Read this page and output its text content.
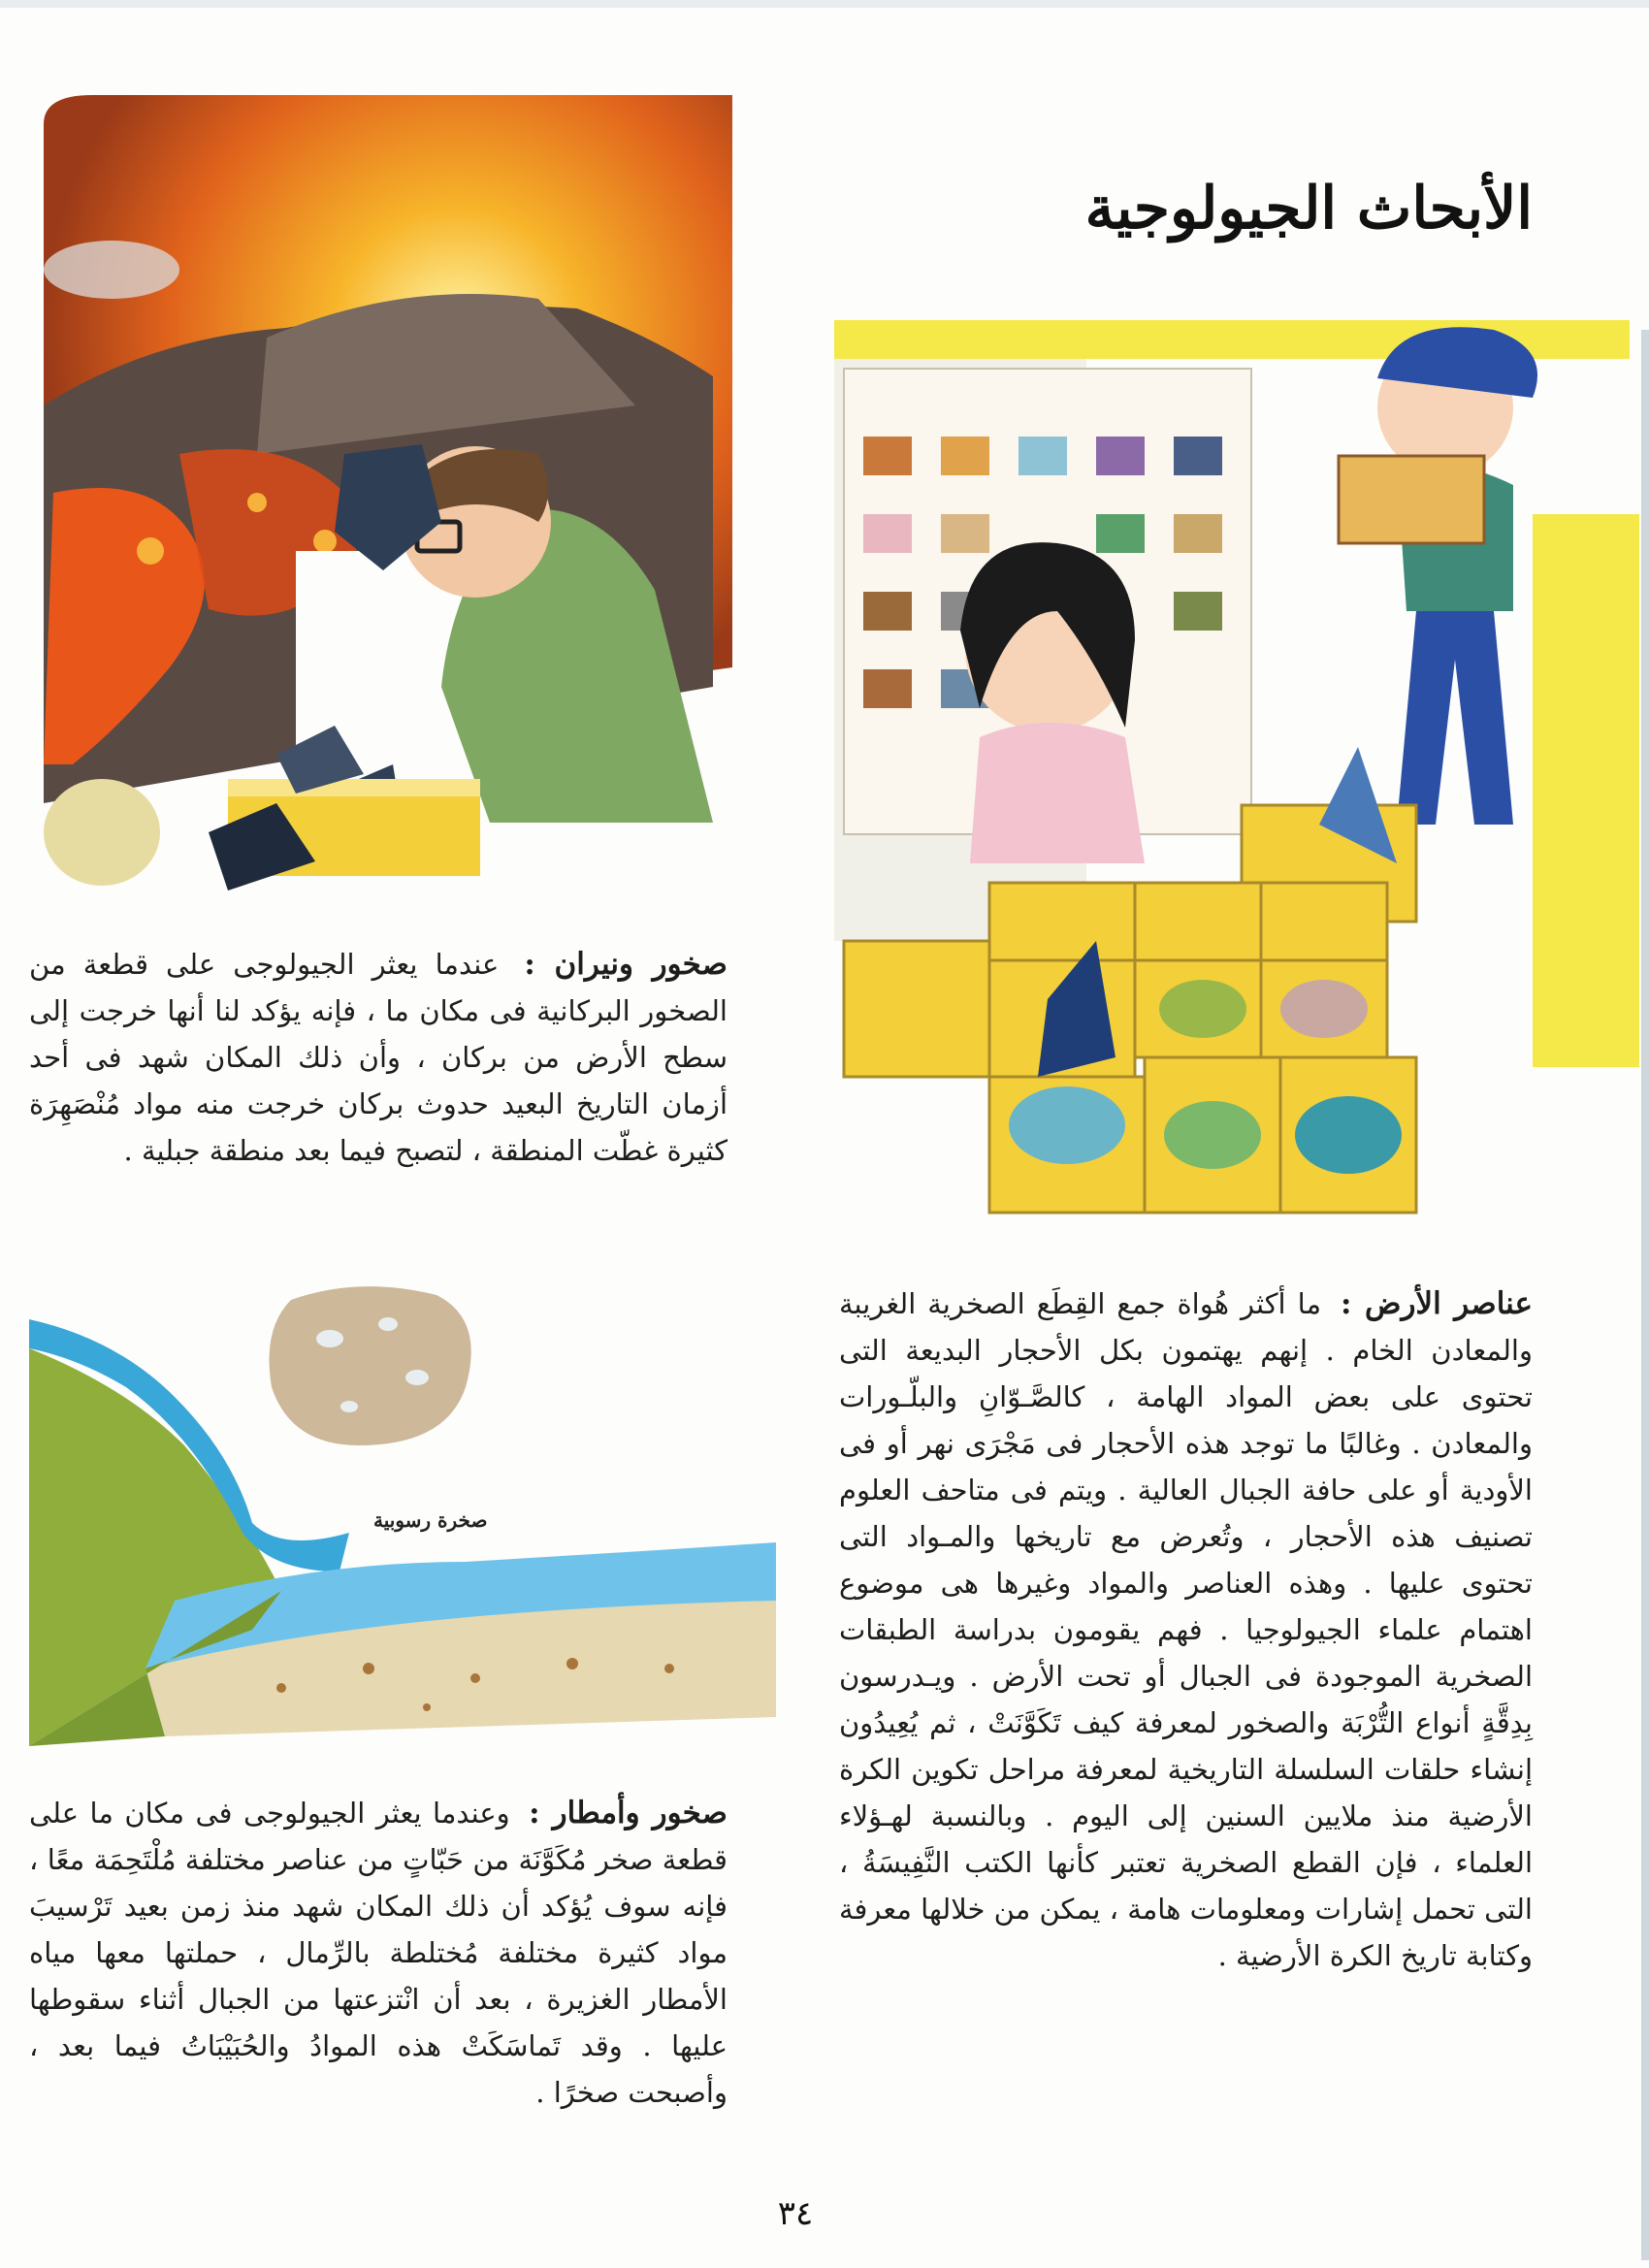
الأبحاث الجيولوجية
صخور ونيران : عندما يعثر الجيولوجى على قطعة من الصخور البركانية فى مكان ما ، فإنه يؤكد لنا أنها خرجت إلى سطح الأرض من بركان ، وأن ذلك المكان شهد فى أحد أزمان التاريخ البعيد حدوث بركان خرجت منه مواد مُنْصَهِرَة كثيرة غطّت المنطقة ، لتصبح فيما بعد منطقة جبلية .
عناصر الأرض : ما أكثر هُواة جمع القِطَع الصخرية الغريبة والمعادن الخام . إنهم يهتمون بكل الأحجار البديعة التى تحتوى على بعض المواد الهامة ، كالصَّـوّانِ والبلّـورات والمعادن . وغالبًا ما توجد هذه الأحجار فى مَجْرَى نهر أو فى الأودية أو على حافة الجبال العالية . ويتم فى متاحف العلوم تصنيف هذه الأحجار ، وتُعرض مع تاريخها والمـواد التى تحتوى عليها . وهذه العناصر والمواد وغيرها هى موضوع اهتمام علماء الجيولوجيا . فهم يقومون بدراسة الطبقات الصخرية الموجودة فى الجبال أو تحت الأرض . ويـدرسون بِدِقَّةٍ أنواع التُّرْبَة والصخور لمعرفة كيف تَكَوَّنَتْ ، ثم يُعِيدُون إنشاء حلقات السلسلة التاريخية لمعرفة مراحل تكوين الكرة الأرضية منذ ملايين السنين إلى اليوم . وبالنسبة لهـؤلاء العلماء ، فإن القطع الصخرية تعتبر كأنها الكتب النَّفِيسَةُ ، التى تحمل إشارات ومعلومات هامة ، يمكن من خلالها معرفة وكتابة تاريخ الكرة الأرضية .
صخرة رسوبية
صخور وأمطار : وعندما يعثر الجيولوجى فى مكان ما على قطعة صخر مُكَوَّنَة من حَبّاتٍ من عناصر مختلفة مُلْتَحِمَة معًا ، فإنه سوف يُؤكد أن ذلك المكان شهد منذ زمن بعيد تَرْسيبَ مواد كثيرة مختلفة مُختلطة بالرِّمال ، حملتها معها مياه الأمطار الغزيرة ، بعد أن انْتزعتها من الجبال أثناء سقوطها عليها . وقد تَماسَكَتْ هذه الموادُ والحُبَيْبَاتُ فيما بعد ، وأصبحت صخرًا .
٣٤
